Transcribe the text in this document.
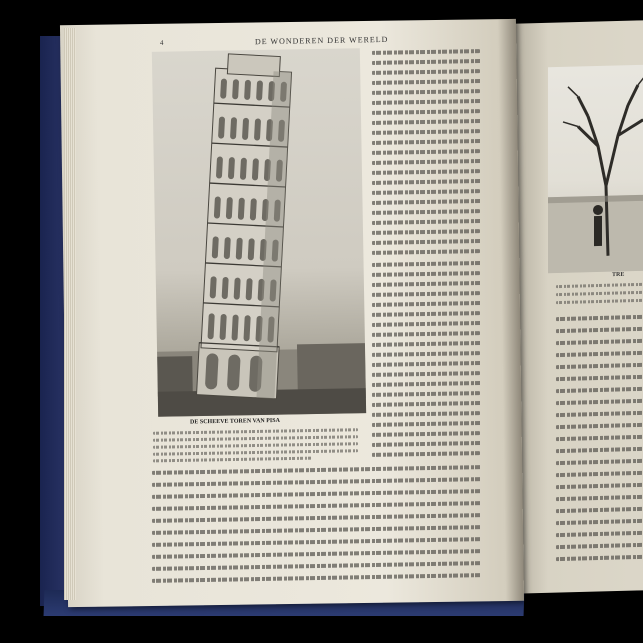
4	DE WONDEREN DER WERELD
DE SCHEEVE TOREN VAN PISA
TRE
